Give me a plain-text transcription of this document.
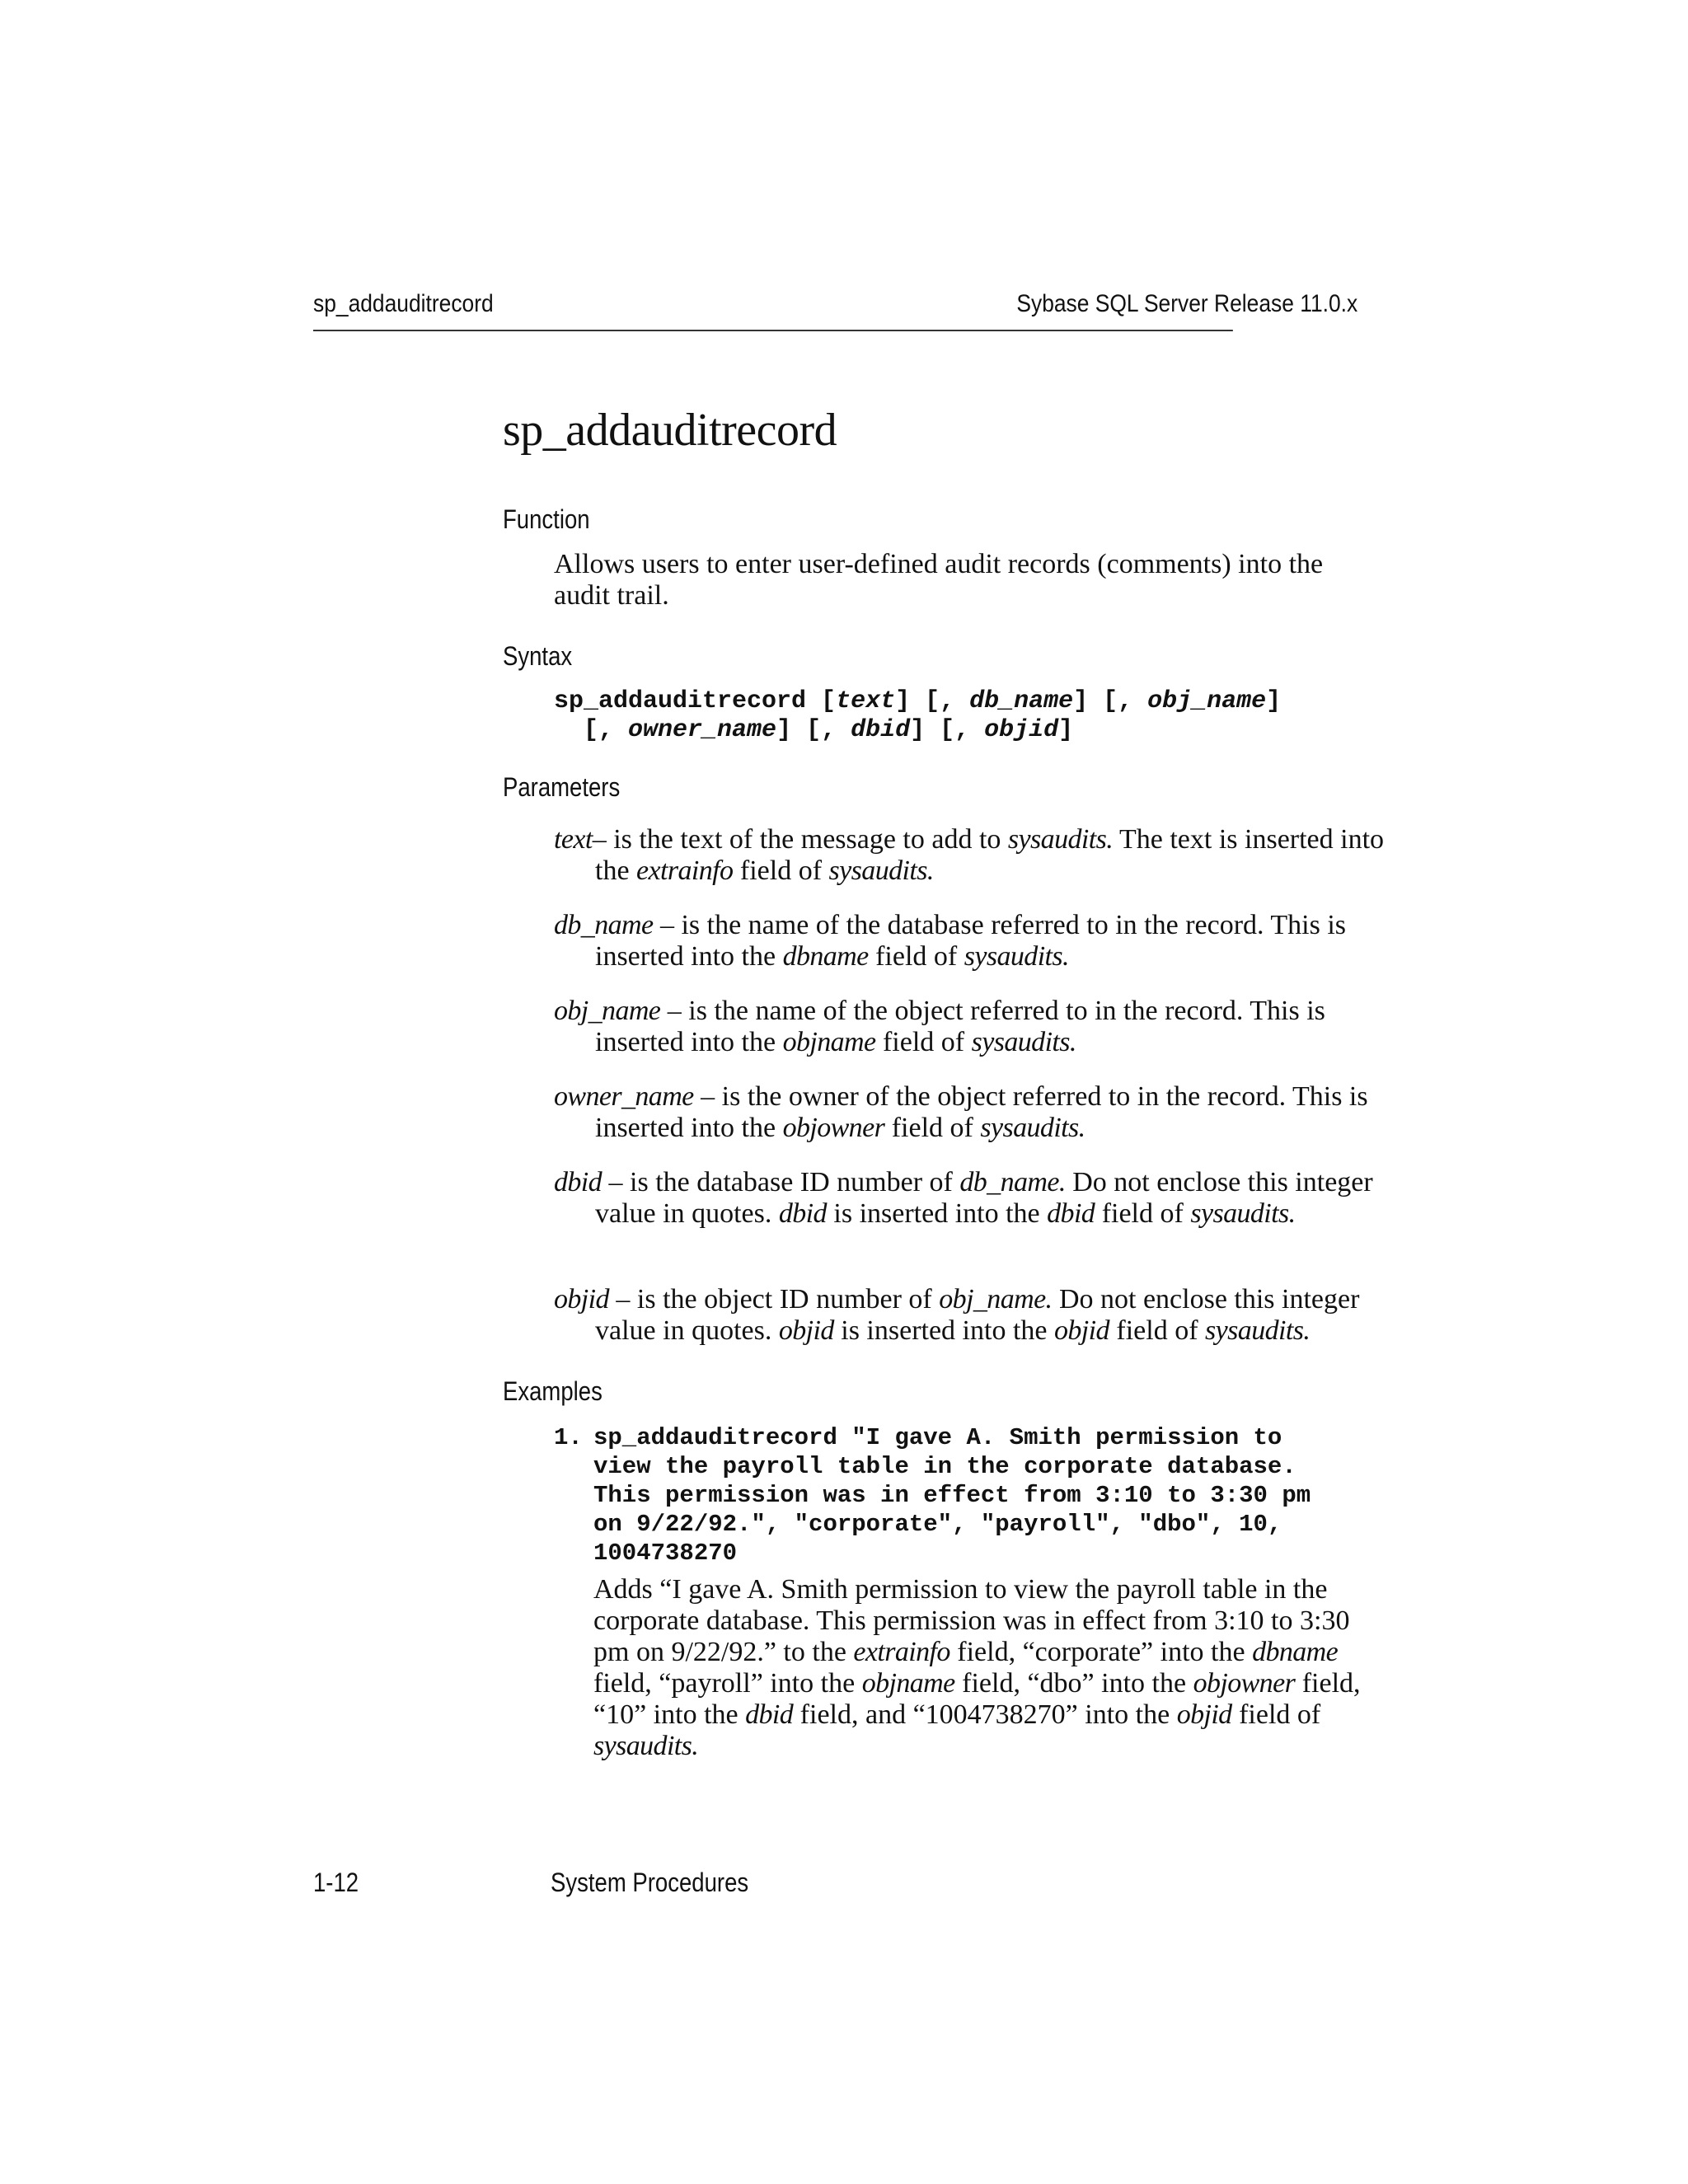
sp_addauditrecord	Sybase SQL Server Release 11.0.x
sp_addauditrecord
Function

Allows users to enter user-defined audit records (comments) into the audit trail.

Syntax
sp_addauditrecord [text] [, db_name] [, obj_name]
[, owner_name] [, dbid] [, objid]
Parameters

text– is the text of the message to add to sysaudits. The text is inserted into the extrainfo field of sysaudits.

db_name – is the name of the database referred to in the record. This is inserted into the dbname field of sysaudits.

obj_name – is the name of the object referred to in the record. This is inserted into the objname field of sysaudits.

owner_name – is the owner of the object referred to in the record. This is inserted into the objowner field of sysaudits.

dbid – is the database ID number of db_name. Do not enclose this integer value in quotes. dbid is inserted into the dbid field of sysaudits.

objid – is the object ID number of obj_name. Do not enclose this integer value in quotes. objid is inserted into the objid field of sysaudits.

Examples
1. sp_addauditrecord "I gave A. Smith permission to
view the payroll table in the corporate database.
This permission was in effect from 3:10 to 3:30 pm
on 9/22/92.", "corporate", "payroll", "dbo", 10,
1004738270

Adds “I gave A. Smith permission to view the payroll table in the corporate database. This permission was in effect from 3:10 to 3:30 pm on 9/22/92.” to the extrainfo field, “corporate” into the dbname field, “payroll” into the objname field, “dbo” into the objowner field, “10” into the dbid field, and “1004738270” into the objid field of sysaudits.

1-12	System Procedures
